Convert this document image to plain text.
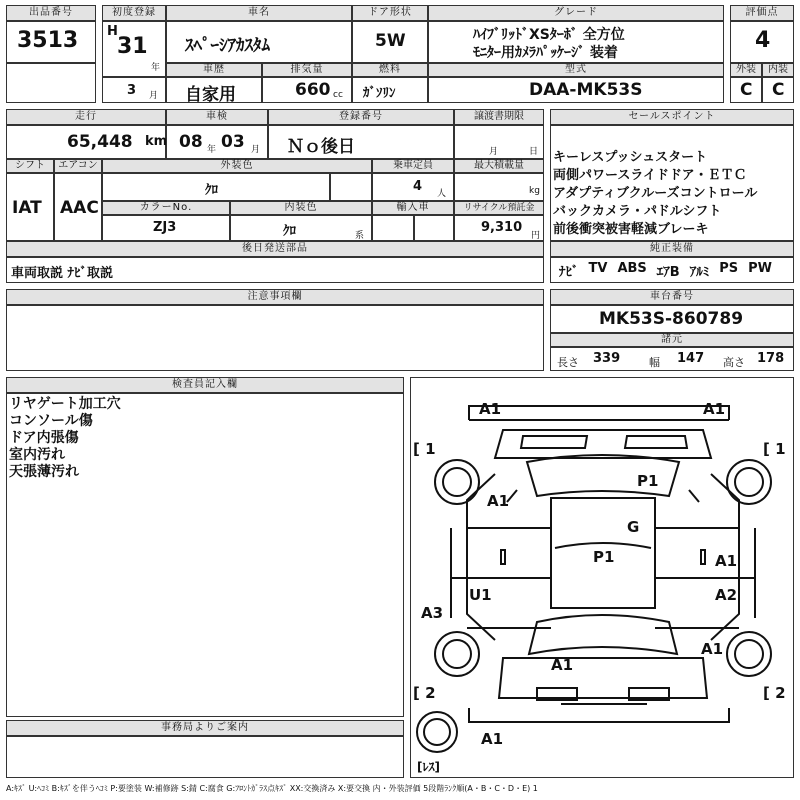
出品番号
3513
初度登録
H
31
年
3 月
車名
ｽﾍﾟｰｼｱｶｽﾀﾑ
ドア形状
5W
グレード
ﾊｲﾌﾞﾘｯﾄﾞXSﾀｰﾎﾞ 全方位
ﾓﾆﾀｰ用ｶﾒﾗﾊﾟｯｹｰｼﾞ 装着
評価点
4
車歴
自家用
排気量
660 cc
燃料
ｶﾞｿﾘﾝ
型式
DAA-MK53S
外装
C
内装
C
走行
65,448 km
車検
08 年 03 月
登録番号
Ｎｏ後日
譲渡書期限
月	日
セールスポイント
キーレスプッシュスタート
両側パワースライドドア・ＥＴＣ
アダプティブクルーズコントロール
バックカメラ・パドルシフト
前後衝突被害軽減ブレーキ
シフト
IAT
エアコン
AAC
外装色
ｸﾛ
乗車定員
4 人
最大積載量
kg
カラーNo.
ZJ3
内装色
ｸﾛ	系
輸入車	リサイクル預託金
9,310
円
後日発送部品
車両取説 ﾅﾋﾞ取説
純正装備
ﾅﾋﾞ TV ABS ｴｱB ｱﾙﾐ PS PW
注意事項欄	車台番号
MK53S-860789
諸元
長さ 339	幅 147 高さ 178
検査員記入欄
リヤゲート加工穴
コンソール傷
ドア内張傷
室内汚れ
天張薄汚れ
事務局よりご案内
A1	A1
P1
G
A1
P1	A1
U1	A2
A3
A1
A1
A1
[ 1	[ 1
[ 2	[ 2
[ﾚｽ]
A:ｷｽﾞ U:ﾍｺﾐ B:ｷｽﾞを伴うﾍｺﾐ P:要塗装 W:補修跡 S:錆 C:腐食 G:ﾌﾛﾝﾄｶﾞﾗｽ点ｷｽﾞ XX:交換済み X:要交換 内・外装評価 5段階ﾗﾝｸ順(A・B・C・D・E) 1
